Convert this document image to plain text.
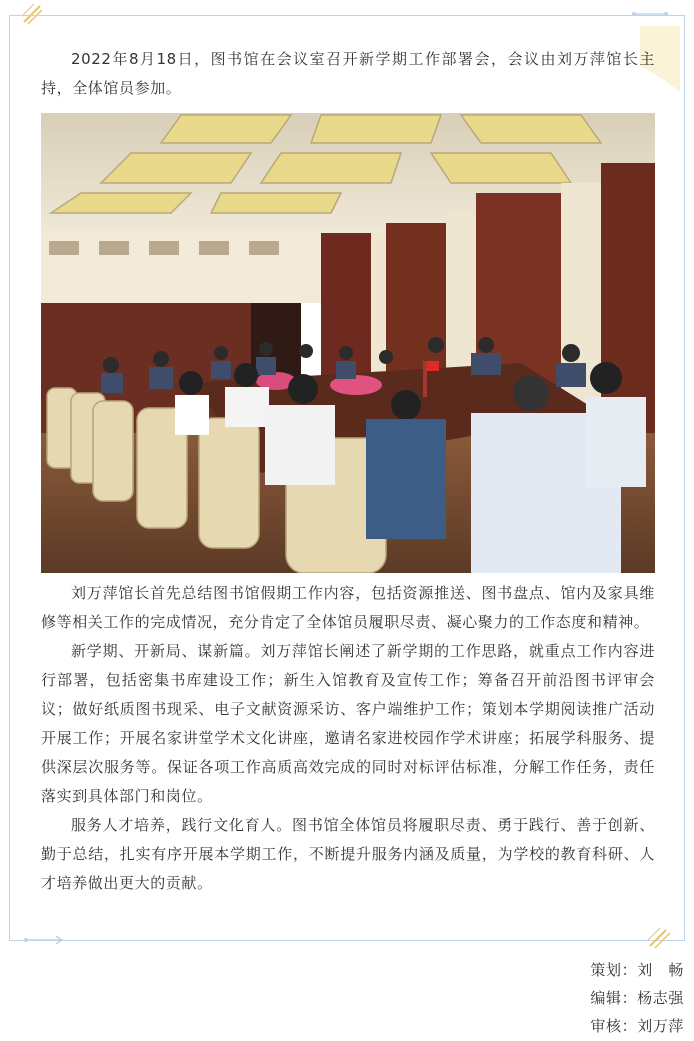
2022年8月18日，图书馆在会议室召开新学期工作部署会，会议由刘万萍馆长主持，全体馆员参加。

刘万萍馆长首先总结图书馆假期工作内容，包括资源推送、图书盘点、馆内及家具维修等相关工作的完成情况，充分肯定了全体馆员履职尽责、凝心聚力的工作态度和精神。

新学期、开新局、谋新篇。刘万萍馆长阐述了新学期的工作思路，就重点工作内容进行部署，包括密集书库建设工作；新生入馆教育及宣传工作；筹备召开前沿图书评审会议；做好纸质图书现采、电子文献资源采访、客户端维护工作；策划本学期阅读推广活动开展工作；开展名家讲堂学术文化讲座，邀请名家进校园作学术讲座；拓展学科服务、提供深层次服务等。保证各项工作高质高效完成的同时对标评估标准，分解工作任务，责任落实到具体部门和岗位。

服务人才培养，践行文化育人。图书馆全体馆员将履职尽责、勇于践行、善于创新、勤于总结，扎实有序开展本学期工作，不断提升服务内涵及质量，为学校的教育科研、人才培养做出更大的贡献。

策划：刘　畅
编辑：杨志强
审核：刘万萍
